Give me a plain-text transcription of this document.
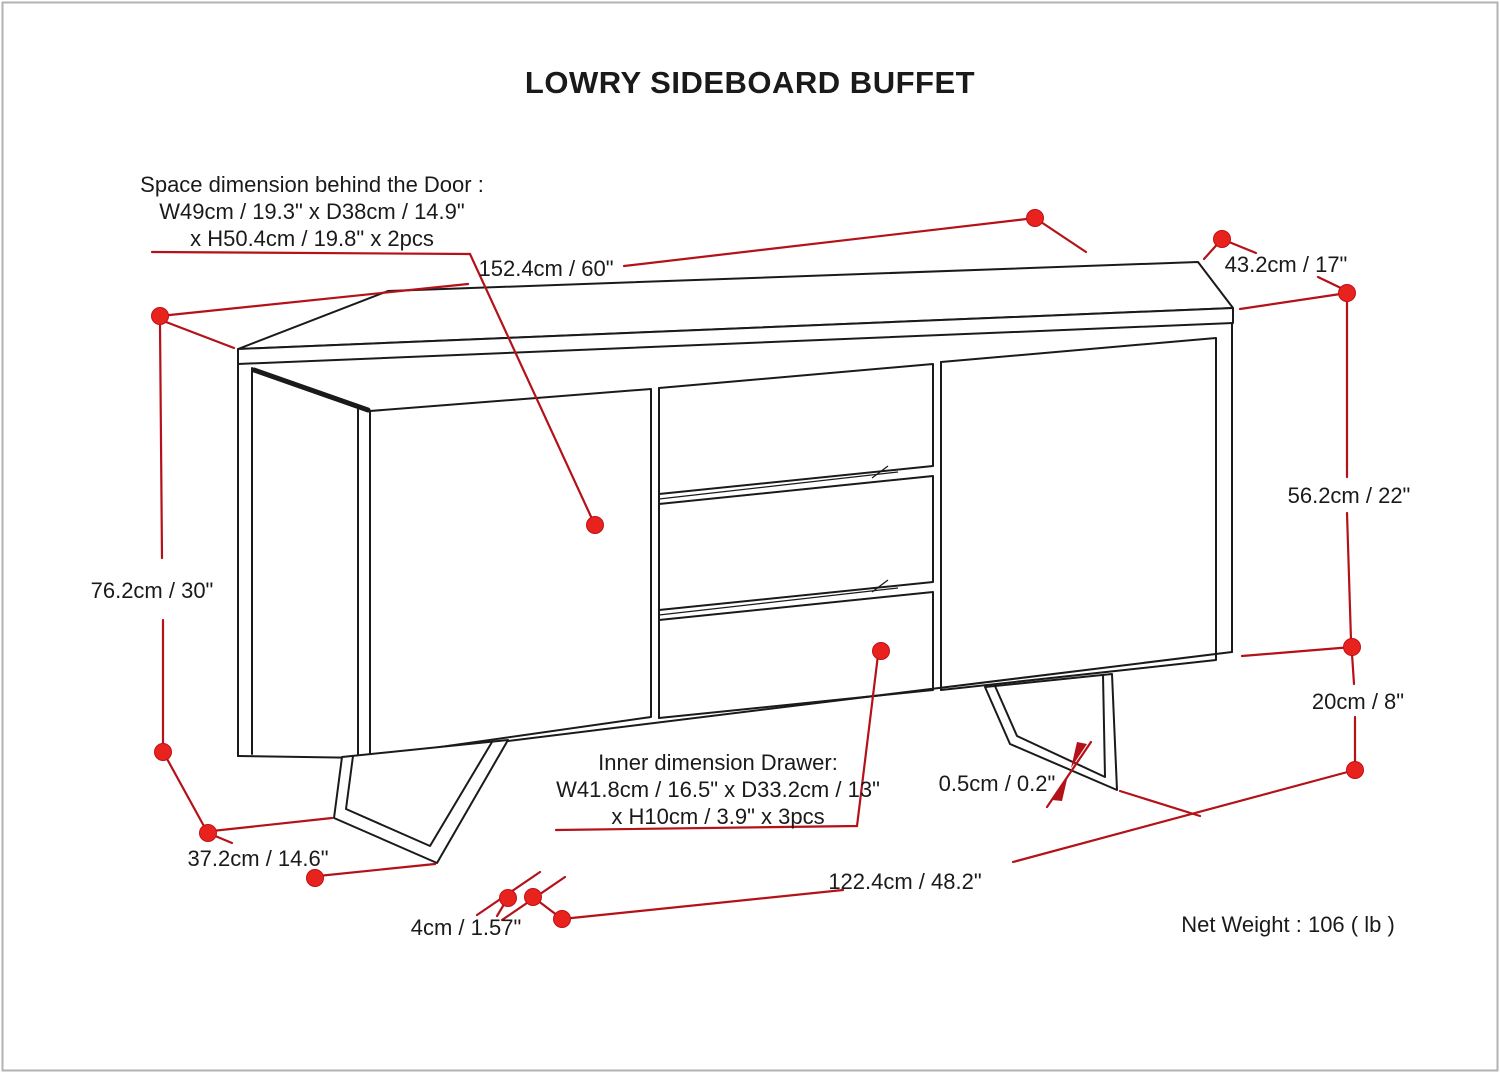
LOWRY SIDEBOARD BUFFET
Space dimension behind the Door :
W49cm / 19.3" x D38cm / 14.9"
x H50.4cm / 19.8" x 2pcs
152.4cm / 60"	43.2cm / 17"
56.2cm / 22"
76.2cm / 30"
20cm / 8"
0.5cm / 0.2"
Inner dimension Drawer:
W41.8cm / 16.5" x D33.2cm / 13"
x H10cm / 3.9" x 3pcs
37.2cm / 14.6"
4cm / 1.57"
122.4cm / 48.2"
Net Weight : 106 ( lb )
